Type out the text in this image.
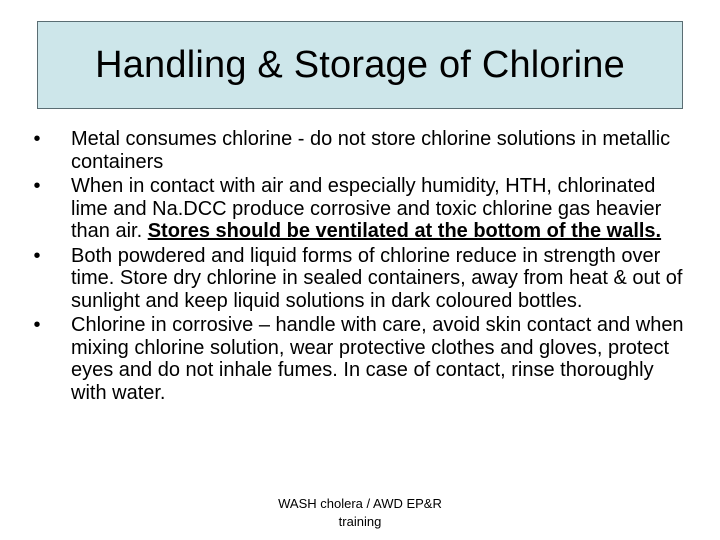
Handling & Storage of Chlorine
•	Metal consumes chlorine - do not store chlorine solutions in metallic containers
•	When in contact with air and especially humidity, HTH, chlorinated lime and Na.DCC produce corrosive and toxic chlorine gas heavier than air. Stores should be ventilated at the bottom of the walls.
•	Both powdered and liquid forms of chlorine reduce in strength over time. Store dry chlorine in sealed containers, away from heat & out of sunlight and keep liquid solutions in dark coloured bottles.
•	Chlorine in corrosive – handle with care, avoid skin contact and when mixing chlorine solution, wear protective clothes and gloves, protect eyes and do not inhale fumes. In case of contact, rinse thoroughly with water.
WASH cholera / AWD EP&R
training
